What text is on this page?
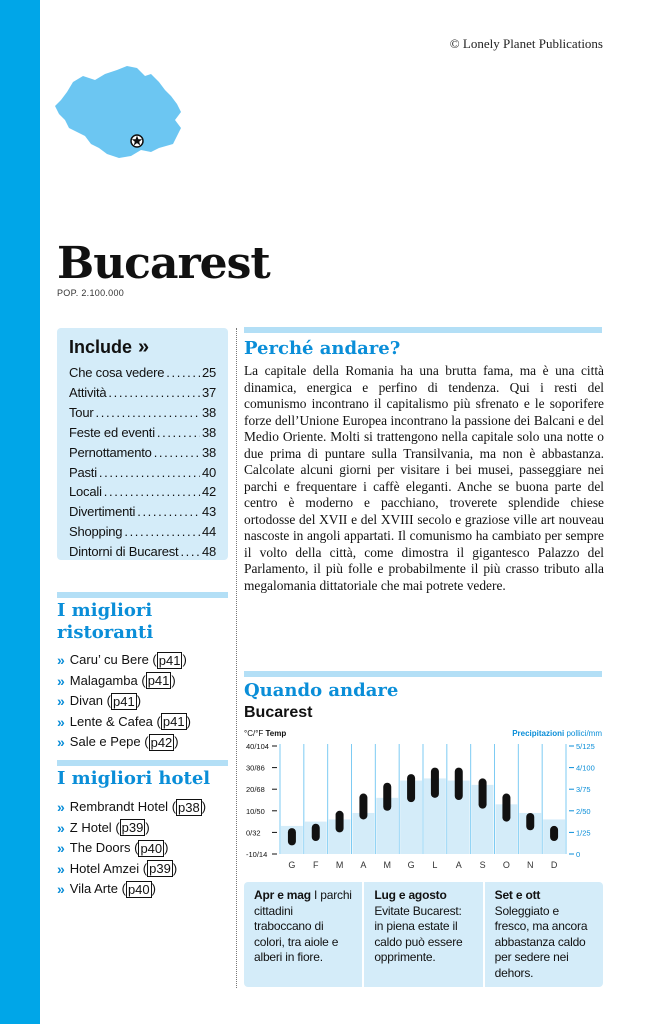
© Lonely Planet Publications
Bucarest
POP. 2.100.000
Include »
Che cosa vedere . . .	25
Attività . . .	37
Tour . . .	38
Feste ed eventi . . .	38
Pernottamento . . .	38
Pasti . . .	40
Locali . . .	42
Divertimenti . . .	43
Shopping . . .	44
Dintorni di Bucarest . . . 48
I migliori ristoranti
» Caru’ cu Bere ( p41 )
» Malagamba ( p41 )
» Divan ( p41 )
» Lente & Cafea ( p41 )
» Sale e Pepe ( p42 )
I migliori hotel
» Rembrandt Hotel ( p38 )
» Z Hotel ( p39 )
» The Doors ( p40 )
» Hotel Amzei ( p39 )
» Vila Arte ( p40 )
Perché andare?
La capitale della Romania ha una brutta fama, ma è una città dinamica, energica e perfino di tendenza. Qui i resti del comunismo incontrano il capitalismo più sfrenato e le soporifere forze dell’Unione Europea incontrano la passione dei Balcani e del Medio Oriente. Molti si trattengono nella capitale solo una notte o due prima di puntare sulla Transilvania, ma non è abbastanza. Calcolate alcuni giorni per visitare i bei musei, passeggiare nei parchi e frequentare i caffè eleganti. Anche se buona parte del centro è moderno e pacchiano, troverete splendide chiese ortodosse del XVII e del XVIII secolo e graziose ville art nouveau nascoste in angoli appartati. Il comunismo ha cambiato per sempre il volto della città, come dimostra il gigantesco Palazzo del Parlamento, il più folle e probabilmente il più crasso tributo alla megalomania dittatoriale che mai potrete vedere.
Quando andare
Bucarest
°C/°F Temp	Precipitazioni pollici/mm
40/104
30/86
20/68
10/50
0/32
-10/14
5/125
4/100
3/75
2/50
1/25
0
G F M A M G L A S O N D
Apr e mag I parchi cittadini traboccano di colori, tra aiole e alberi in fiore.
Lug e agosto Evitate Bucarest: in piena estate il caldo può essere opprimente.
Set e ott Soleggiato e fresco, ma ancora abbastanza caldo per sedere nei dehors.
